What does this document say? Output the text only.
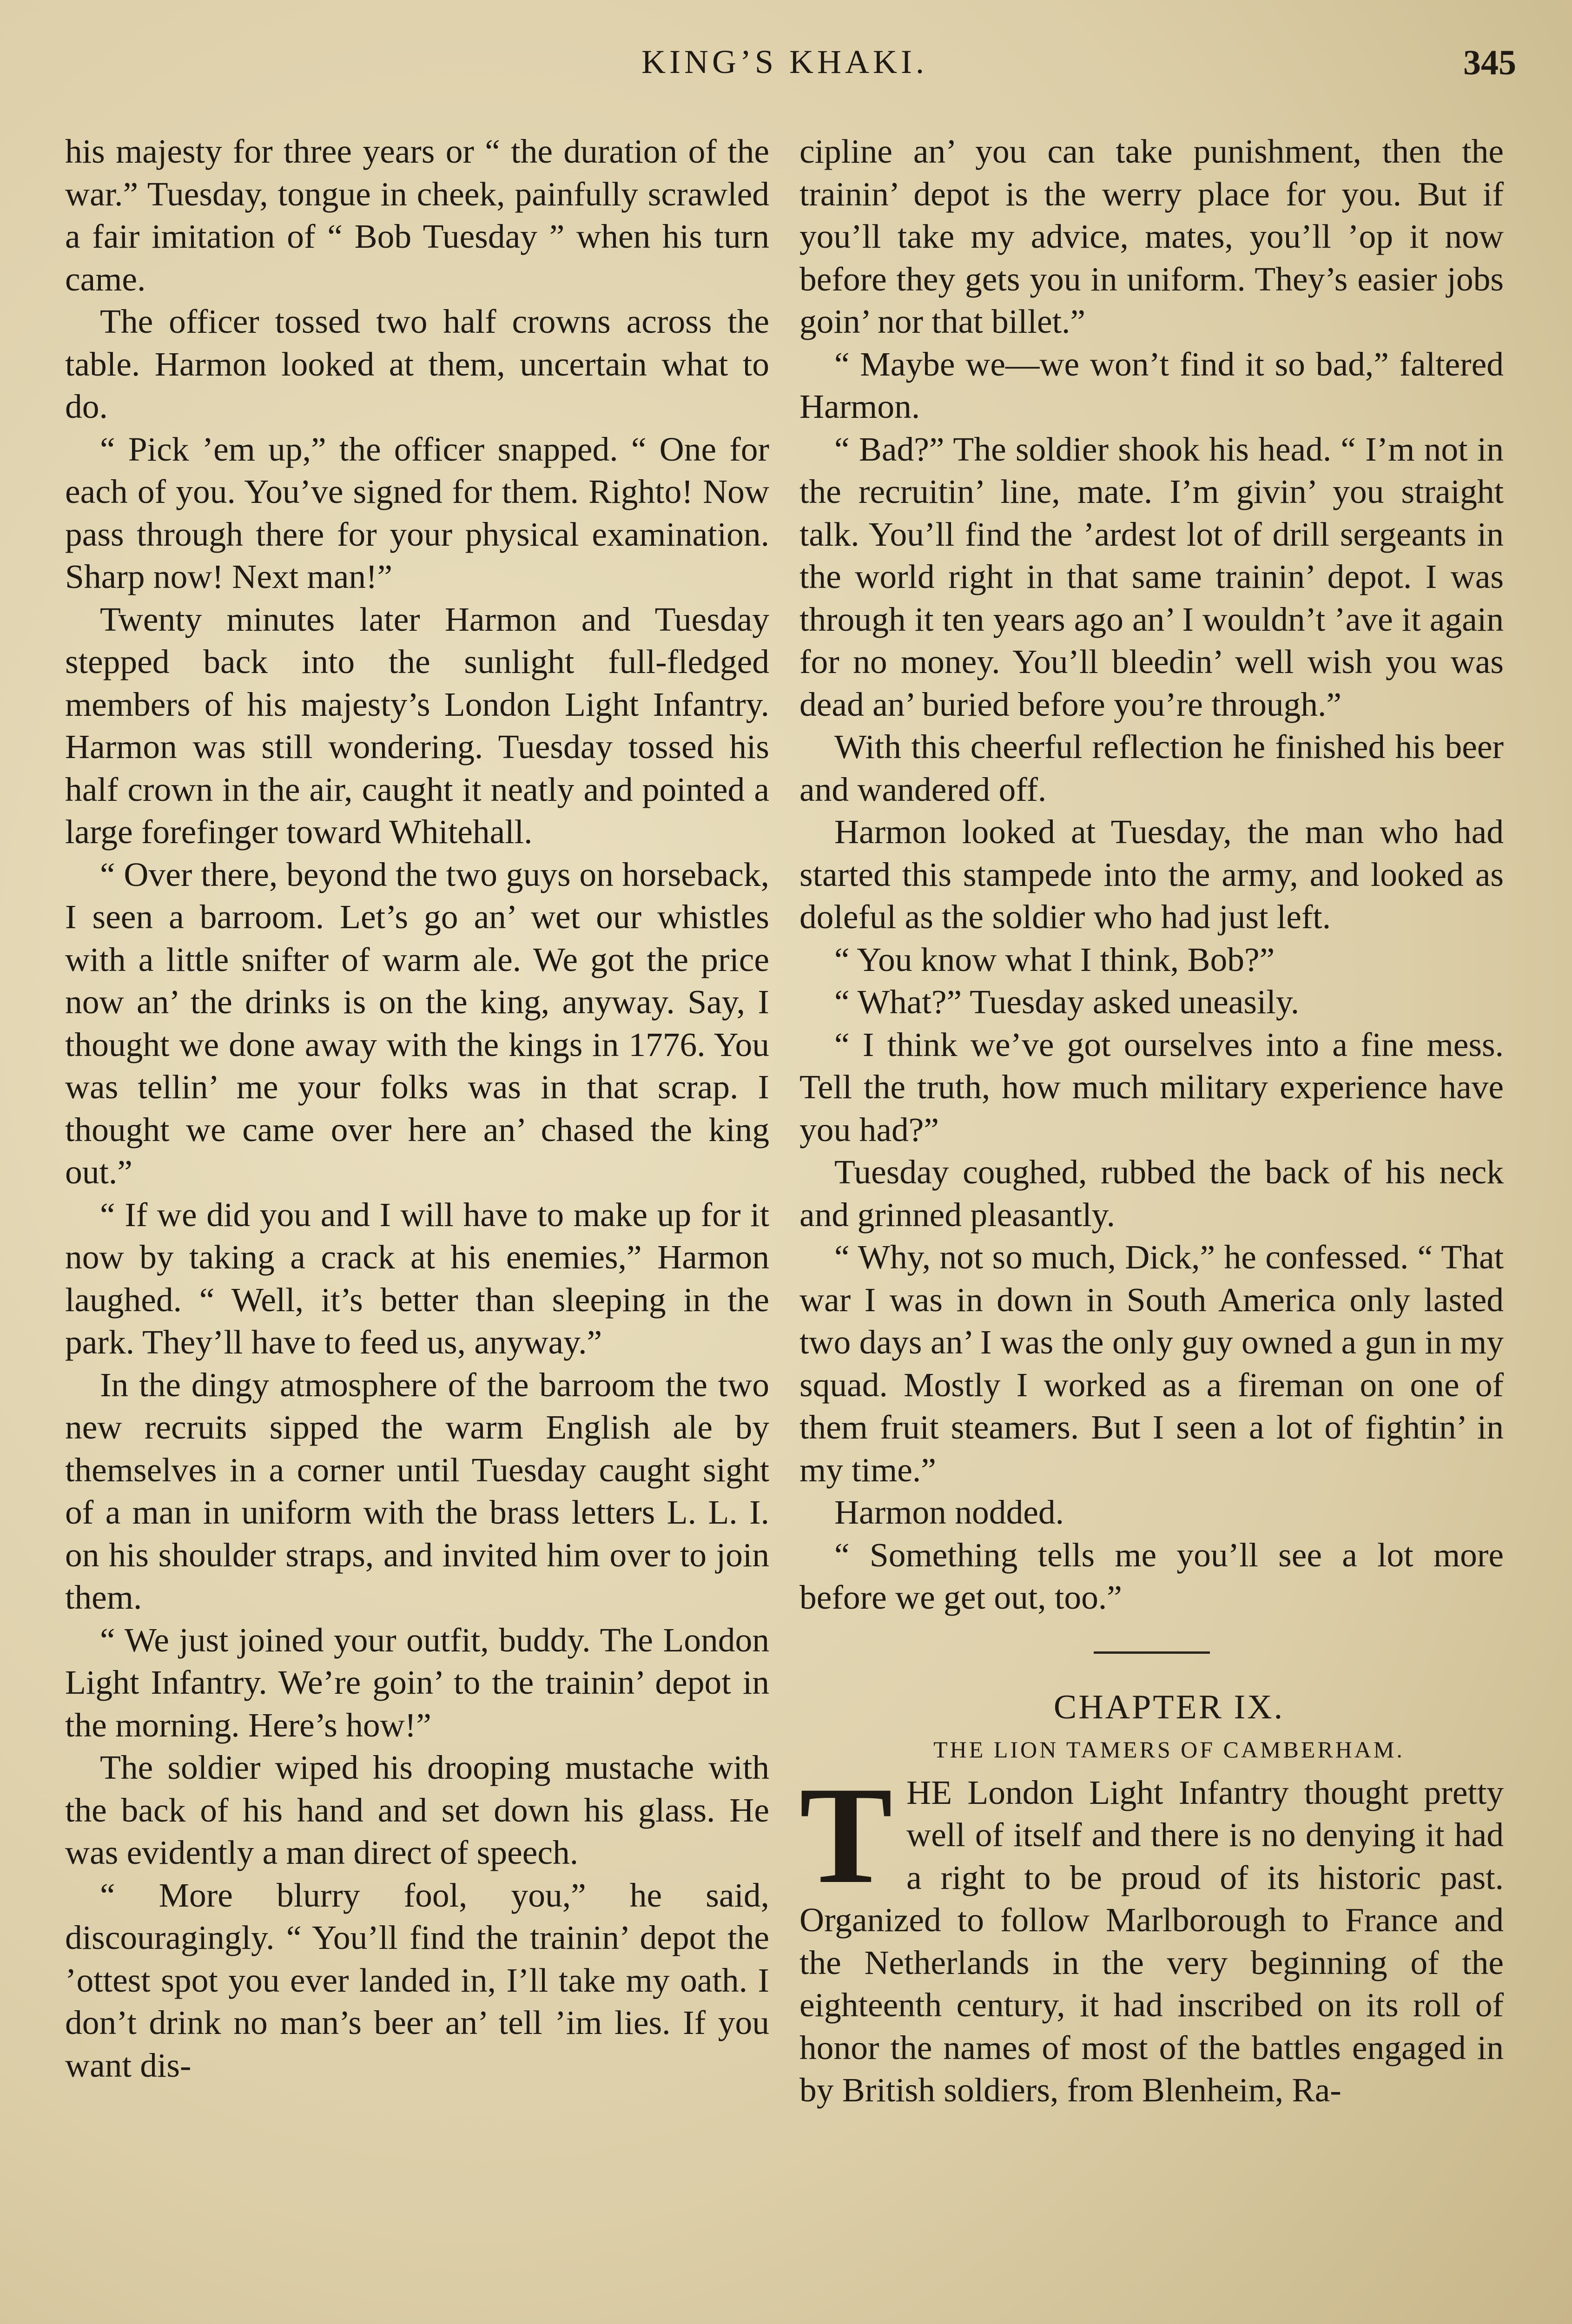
KING’S KHAKI.	345

his majesty for three years or “ the duration of the war.” Tuesday, tongue in cheek, painfully scrawled a fair imitation of “ Bob Tuesday ” when his turn came.

The officer tossed two half crowns across the table. Harmon looked at them, uncertain what to do.

“ Pick ’em up,” the officer snapped. “ One for each of you. You’ve signed for them. Righto! Now pass through there for your physical examination. Sharp now! Next man!”

Twenty minutes later Harmon and Tuesday stepped back into the sunlight full-fledged members of his majesty’s London Light Infantry. Harmon was still wondering. Tuesday tossed his half crown in the air, caught it neatly and pointed a large forefinger toward Whitehall.

“ Over there, beyond the two guys on horseback, I seen a barroom. Let’s go an’ wet our whistles with a little snifter of warm ale. We got the price now an’ the drinks is on the king, anyway. Say, I thought we done away with the kings in 1776. You was tellin’ me your folks was in that scrap. I thought we came over here an’ chased the king out.”

“ If we did you and I will have to make up for it now by taking a crack at his enemies,” Harmon laughed. “ Well, it’s better than sleeping in the park. They’ll have to feed us, anyway.”

In the dingy atmosphere of the barroom the two new recruits sipped the warm English ale by themselves in a corner until Tuesday caught sight of a man in uniform with the brass letters L. L. I. on his shoulder straps, and invited him over to join them.

“ We just joined your outfit, buddy. The London Light Infantry. We’re goin’ to the trainin’ depot in the morning. Here’s how!”

The soldier wiped his drooping mustache with the back of his hand and set down his glass. He was evidently a man direct of speech.

“ More blurry fool, you,” he said, discouragingly. “ You’ll find the trainin’ depot the ’ottest spot you ever landed in, I’ll take my oath. I don’t drink no man’s beer an’ tell ’im lies. If you want dis-

cipline an’ you can take punishment, then the trainin’ depot is the werry place for you. But if you’ll take my advice, mates, you’ll ’op it now before they gets you in uniform. They’s easier jobs goin’ nor that billet.”

“ Maybe we—we won’t find it so bad,” faltered Harmon.

“ Bad?” The soldier shook his head. “ I’m not in the recruitin’ line, mate. I’m givin’ you straight talk. You’ll find the ’ardest lot of drill sergeants in the world right in that same trainin’ depot. I was through it ten years ago an’ I wouldn’t ’ave it again for no money. You’ll bleedin’ well wish you was dead an’ buried before you’re through.”

With this cheerful reflection he finished his beer and wandered off.

Harmon looked at Tuesday, the man who had started this stampede into the army, and looked as doleful as the soldier who had just left.

“ You know what I think, Bob?”

“ What?” Tuesday asked uneasily.

“ I think we’ve got ourselves into a fine mess. Tell the truth, how much military experience have you had?”

Tuesday coughed, rubbed the back of his neck and grinned pleasantly.

“ Why, not so much, Dick,” he confessed. “ That war I was in down in South America only lasted two days an’ I was the only guy owned a gun in my squad. Mostly I worked as a fireman on one of them fruit steamers. But I seen a lot of fightin’ in my time.”

Harmon nodded.

“ Something tells me you’ll see a lot more before we get out, too.”

CHAPTER IX.

THE LION TAMERS OF CAMBERHAM.

THE London Light Infantry thought pretty well of itself and there is no denying it had a right to be proud of its historic past. Organized to follow Marlborough to France and the Netherlands in the very beginning of the eighteenth century, it had inscribed on its roll of honor the names of most of the battles engaged in by British soldiers, from Blenheim, Ra-
